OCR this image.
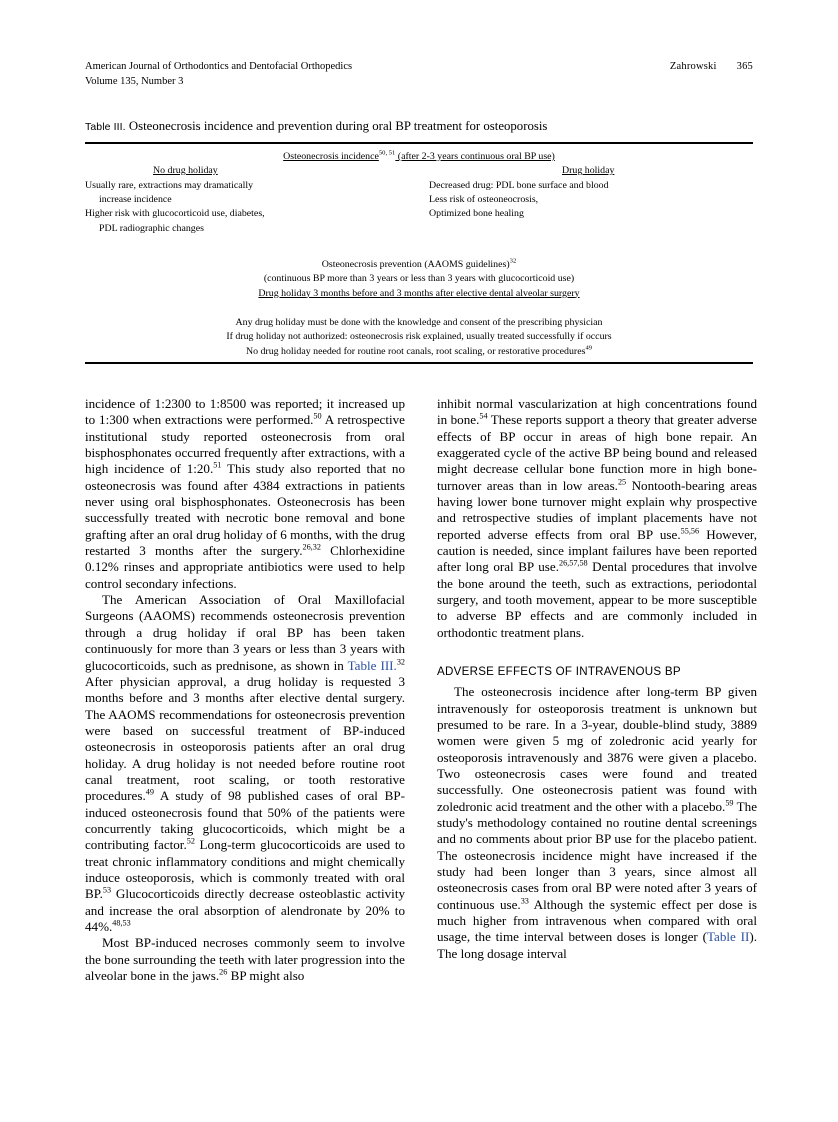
American Journal of Orthodontics and Dentofacial Orthopedics	Zahrowski 365
Volume 135, Number 3
Table III. Osteonecrosis incidence and prevention during oral BP treatment for osteoporosis
Osteonecrosis incidence$^{50, 51}$ (after 2-3 years continuous oral BP use)
No drug holiday
Usually rare, extractions may dramatically
increase incidence
Higher risk with glucocorticoid use, diabetes,
PDL radiographic changes
Drug holiday
Decreased drug: PDL bone surface and blood
Less risk of osteoneocrosis,
Optimized bone healing
Osteonecrosis prevention (AAOMS guidelines)$^{32}$
(continuous BP more than 3 years or less than 3 years with glucocorticoid use)
Drug holiday 3 months before and 3 months after elective dental alveolar surgery
Any drug holiday must be done with the knowledge and consent of the prescribing physician
If drug holiday not authorized: osteonecrosis risk explained, usually treated successfully if occurs
No drug holiday needed for routine root canals, root scaling, or restorative procedures$^{49}$

incidence of 1:2300 to 1:8500 was reported; it increased up to 1:300 when extractions were performed.$^{50}$ A retrospective institutional study reported osteonecrosis from oral bisphosphonates occurred frequently after extractions, with a high incidence of 1:20.51 This study also reported that no osteonecrosis was found after 4384 extractions in patients never using oral bisphosphonates. Osteonecrosis has been successfully treated with necrotic bone removal and bone grafting after an oral drug holiday of 6 months, with the drug restarted 3 months after the surgery.$^{26,32}$ Chlorhexidine 0.12% rinses and appropriate antibiotics were used to help control secondary infections.

The American Association of Oral Maxillofacial Surgeons (AAOMS) recommends osteonecrosis prevention through a drug holiday if oral BP has been taken continuously for more than 3 years or less than 3 years with glucocorticoids, such as prednisone, as shown in Table III.$^{32}$ After physician approval, a drug holiday is requested 3 months before and 3 months after elective dental surgery. The AAOMS recommendations for osteonecrosis prevention were based on successful treatment of BP-induced osteonecrosis in osteoporosis patients after an oral drug holiday. A drug holiday is not needed before routine root canal treatment, root scaling, or tooth restorative procedures.$^{49}$ A study of 98 published cases of oral BP-induced osteonecrosis found that 50% of the patients were concurrently taking glucocorticoids, which might be a contributing factor.$^{52}$ Long-term glucocorticoids are used to treat chronic inflammatory conditions and might chemically induce osteoporosis, which is commonly treated with oral BP.$^{53}$ Glucocorticoids directly decrease osteoblastic activity and increase the oral absorption of alendronate by 20% to 44%.$^{48,53}$

Most BP-induced necroses commonly seem to involve the bone surrounding the teeth with later progression into the alveolar bone in the jaws.$^{26}$ BP might also

inhibit normal vascularization at high concentrations found in bone.$^{54}$ These reports support a theory that greater adverse effects of BP occur in areas of high bone repair. An exaggerated cycle of the active BP being bound and released might decrease cellular bone function more in high bone-turnover areas than in low areas.$^{25}$ Nontooth-bearing areas having lower bone turnover might explain why prospective and retrospective studies of implant placements have not reported adverse effects from oral BP use.$^{55,56}$ However, caution is needed, since implant failures have been reported after long oral BP use.$^{26,57,58}$ Dental procedures that involve the bone around the teeth, such as extractions, periodontal surgery, and tooth movement, appear to be more susceptible to adverse BP effects and are commonly included in orthodontic treatment plans.

ADVERSE EFFECTS OF INTRAVENOUS BP

The osteonecrosis incidence after long-term BP given intravenously for osteoporosis treatment is unknown but presumed to be rare. In a 3-year, double-blind study, 3889 women were given 5 mg of zoledronic acid yearly for osteoporosis intravenously and 3876 were given a placebo. Two osteonecrosis cases were found and treated successfully. One osteonecrosis patient was found with zoledronic acid treatment and the other with a placebo.$^{59}$ The study's methodology contained no routine dental screenings and no comments about prior BP use for the placebo patient. The osteonecrosis incidence might have increased if the study had been longer than 3 years, since almost all osteonecrosis cases from oral BP were noted after 3 years of continuous use.$^{33}$ Although the systemic effect per dose is much higher from intravenous when compared with oral usage, the time interval between doses is longer (Table II). The long dosage interval
